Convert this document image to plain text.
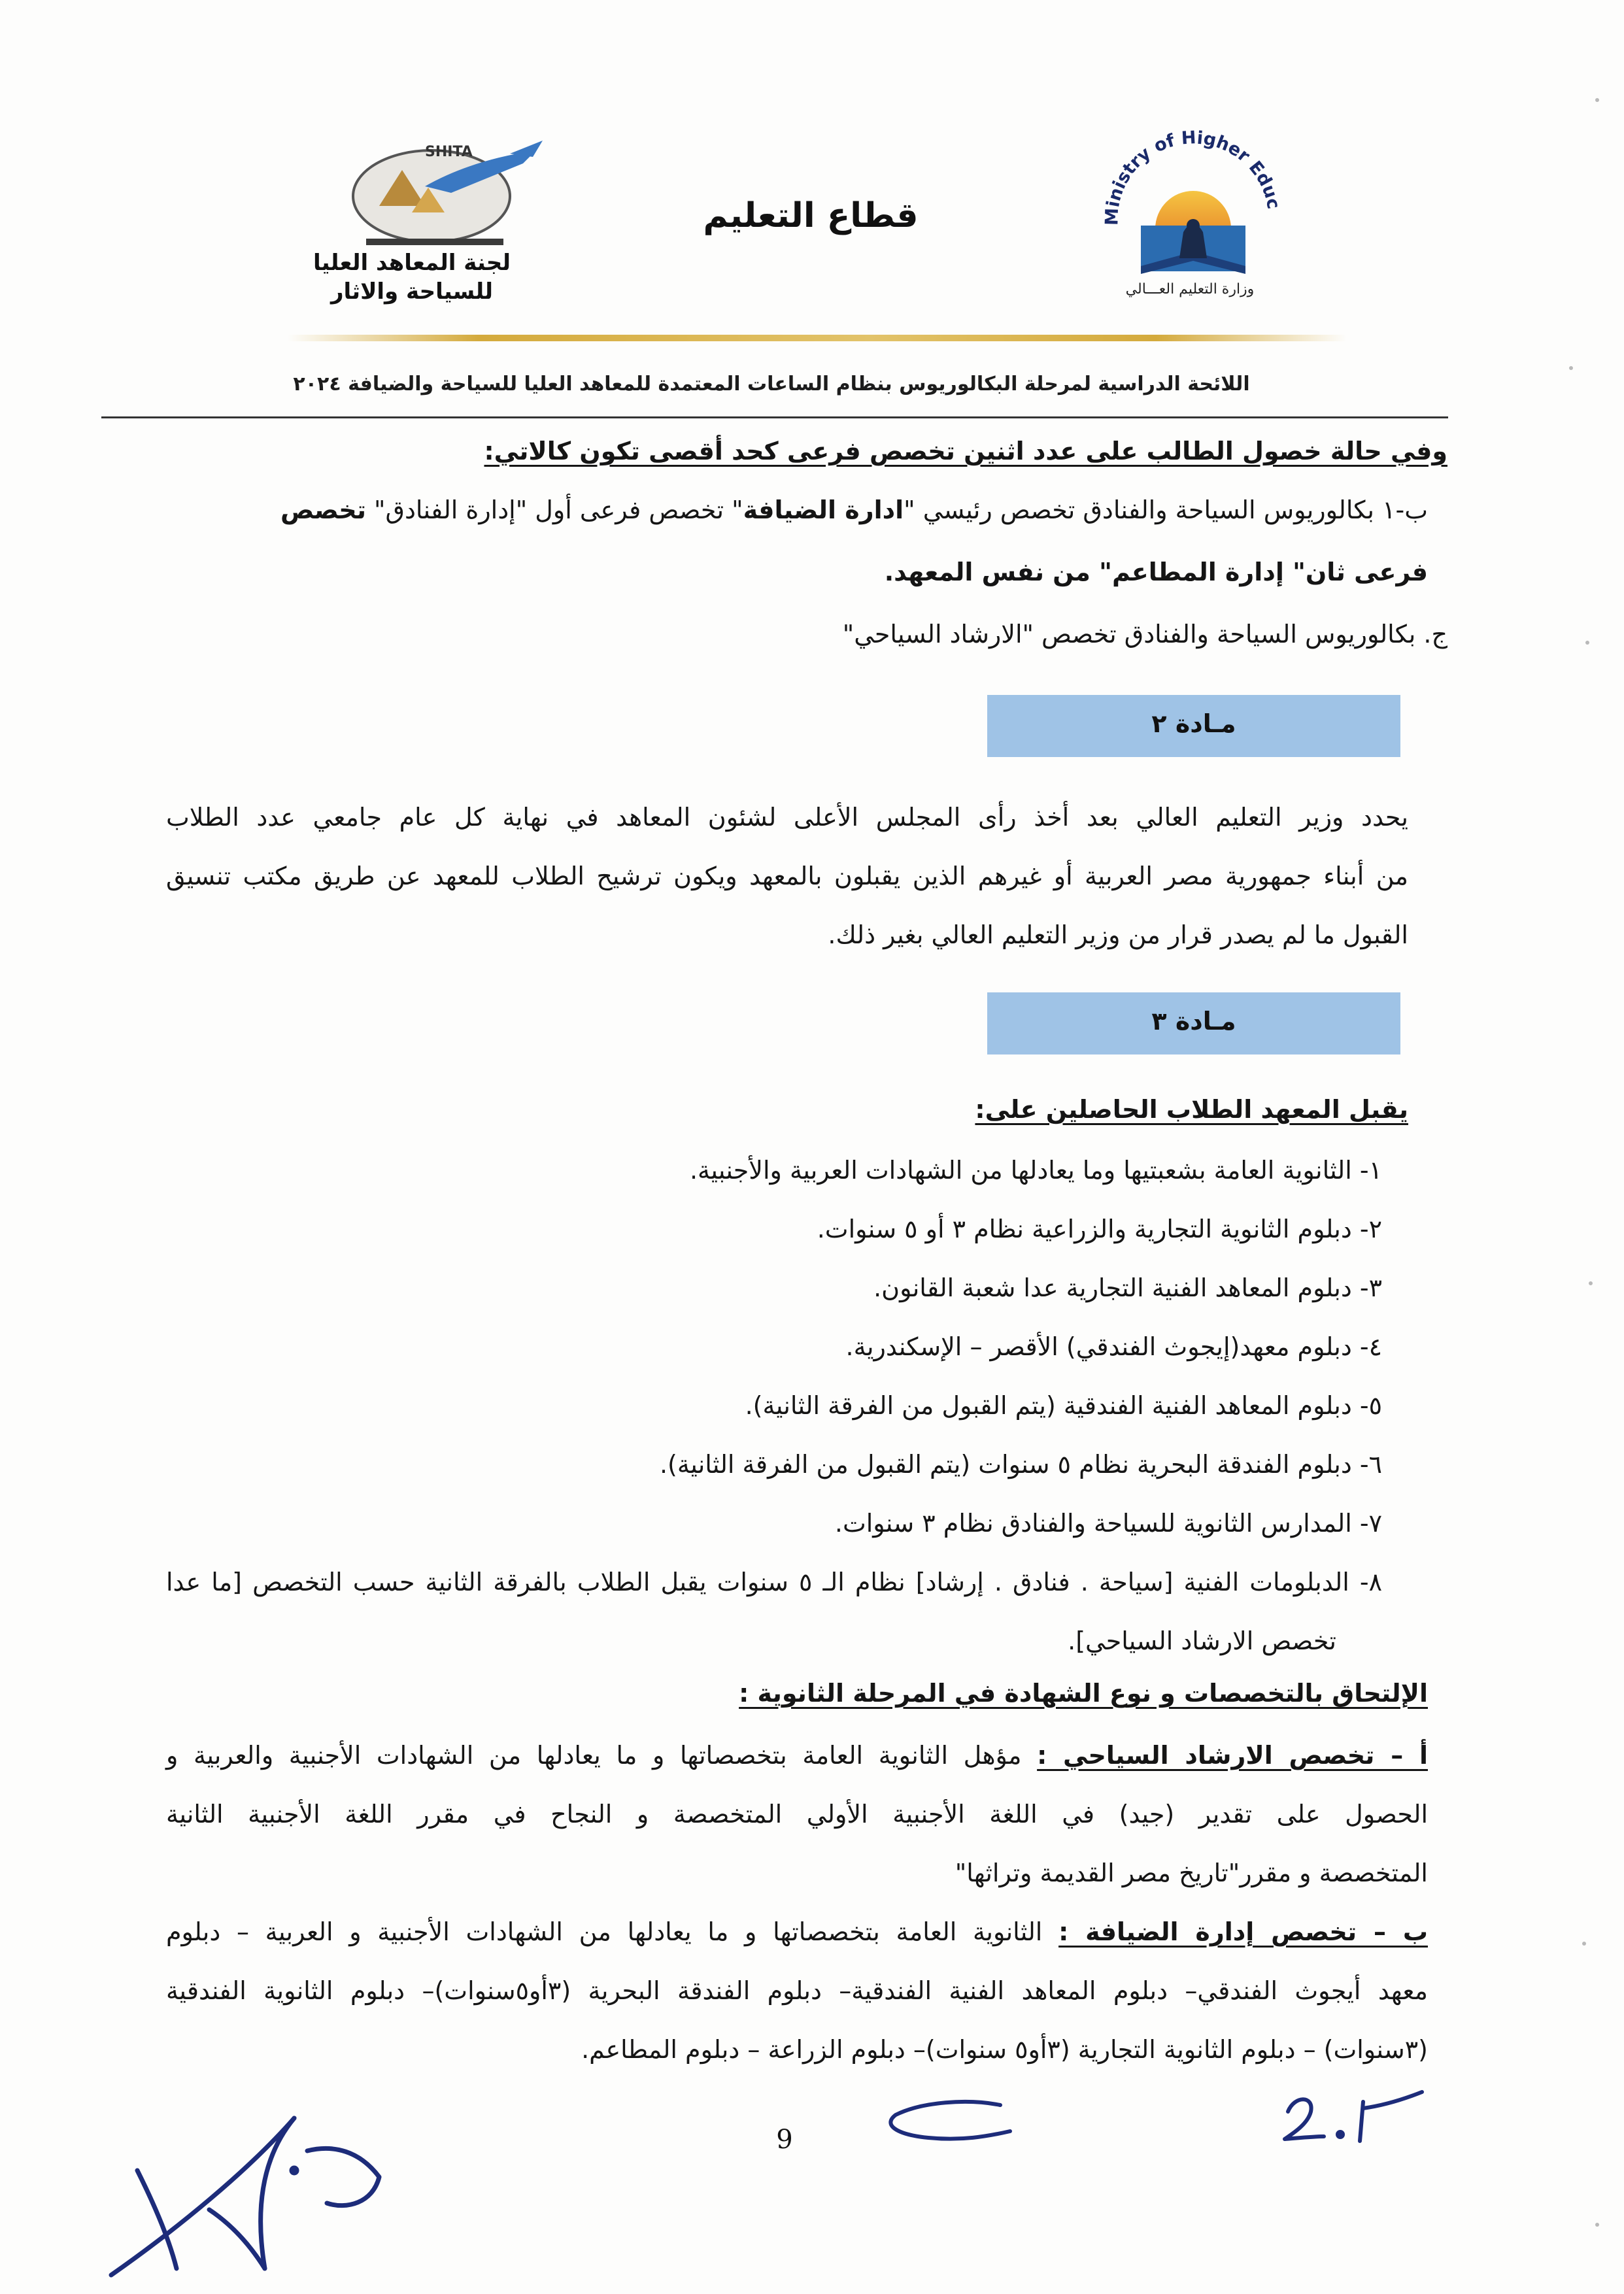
Ministry of Higher Educ
وزارة التعليم العـــالي
قطاع التعليم
SHITA
لجنة المعاهد العليا
للسياحة والاثار
اللائحة الدراسية لمرحلة البكالوريوس بنظام الساعات المعتمدة للمعاهد العليا للسياحة والضيافة ٢٠٢٤
وفي حالة خصول الطالب على عدد اثنين تخصص فرعى كحد أقصى تكون كالاتي:
ب-١ بكالوريوس السياحة والفنادق تخصص رئيسي "ادارة الضيافة" تخصص فرعى أول "إدارة الفنادق" تخصص
فرعى ثان" إدارة المطاعم" من نفس المعهد.
ج. بكالوريوس السياحة والفنادق تخصص "الارشاد السياحي"
مـادة ٢
يحدد وزير التعليم العالي بعد أخذ رأى المجلس الأعلى لشئون المعاهد في نهاية كل عام جامعي عدد الطلاب
من أبناء جمهورية مصر العربية أو غيرهم الذين يقبلون بالمعهد ويكون ترشيح الطلاب للمعهد عن طريق مكتب تنسيق
القبول ما لم يصدر قرار من وزير التعليم العالي بغير ذلك.
مـادة ٣
يقبل المعهد الطلاب الحاصلين على:
١- الثانوية العامة بشعبتيها وما يعادلها من الشهادات العربية والأجنبية.
٢- دبلوم الثانوية التجارية والزراعية نظام ٣ أو ٥ سنوات.
٣- دبلوم المعاهد الفنية التجارية عدا شعبة القانون.
٤- دبلوم معهد(إيجوث الفندقي) الأقصر – الإسكندرية.
٥- دبلوم المعاهد الفنية الفندقية (يتم القبول من الفرقة الثانية).
٦- دبلوم الفندقة البحرية نظام ٥ سنوات (يتم القبول من الفرقة الثانية).
٧- المدارس الثانوية للسياحة والفنادق نظام ٣ سنوات.
٨- الدبلومات الفنية [سياحة . فنادق . إرشاد] نظام الـ ٥ سنوات يقبل الطلاب بالفرقة الثانية حسب التخصص [ما عدا
تخصص الارشاد السياحي].
الإلتحاق بالتخصصات و نوع الشهادة في المرحلة الثانوية :
أ – تخصص الارشاد السياحي : مؤهل الثانوية العامة بتخصصاتها و ما يعادلها من الشهادات الأجنبية والعربية و
الحصول على تقدير (جيد) في اللغة الأجنبية الأولي المتخصصة و النجاح في مقرر اللغة الأجنبية الثانية
المتخصصة و مقرر"تاريخ مصر القديمة وتراثها"
ب – تخصص إدارة الضيافة : الثانوية العامة بتخصصاتها و ما يعادلها من الشهادات الأجنبية و العربية – دبلوم
معهد أيجوث الفندقي– دبلوم المعاهد الفنية الفندقية– دبلوم الفندقة البحرية (٣أو٥سنوات)– دبلوم الثانوية الفندقية
(٣سنوات) – دبلوم الثانوية التجارية (٣أو٥ سنوات)– دبلوم الزراعة – دبلوم المطاعم.
9
